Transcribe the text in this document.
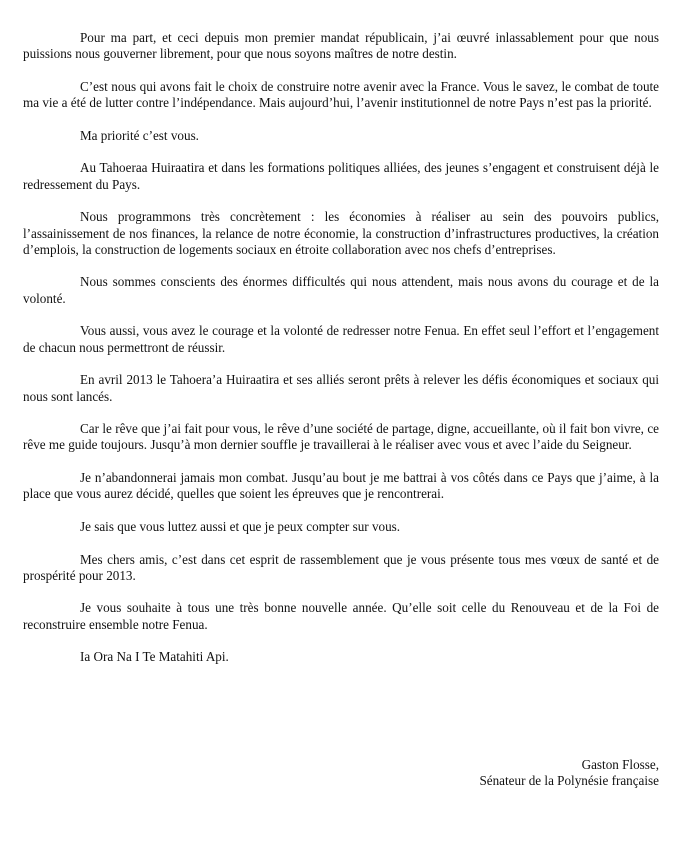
Pour ma part, et ceci depuis mon premier mandat républicain, j’ai œuvré inlassablement pour que nous puissions nous gouverner librement, pour que nous soyons maîtres de notre destin.

C’est nous qui avons fait le choix de construire notre avenir avec la France. Vous le savez, le combat de toute ma vie a été de lutter contre l’indépendance. Mais aujourd’hui, l’avenir institutionnel de notre Pays n’est pas la priorité.

Ma priorité c’est vous.

Au Tahoeraa Huiraatira et dans les formations politiques alliées, des jeunes s’engagent et construisent déjà le redressement du Pays.

Nous programmons très concrètement : les économies à réaliser au sein des pouvoirs publics, l’assainissement de nos finances, la relance de notre économie, la construction d’infrastructures productives, la création d’emplois, la construction de logements sociaux en étroite collaboration avec nos chefs d’entreprises.

Nous sommes conscients des énormes difficultés qui nous attendent, mais nous avons du courage et de la volonté.

Vous aussi, vous avez le courage et la volonté de redresser notre Fenua. En effet seul l’effort et l’engagement de chacun nous permettront de réussir.

En avril 2013 le Tahoera’a Huiraatira et ses alliés seront prêts à relever les défis économiques et sociaux qui nous sont lancés.

Car le rêve que j’ai fait pour vous, le rêve d’une société de partage, digne, accueillante, où il fait bon vivre, ce rêve me guide toujours. Jusqu’à mon dernier souffle je travaillerai à le réaliser avec vous et avec l’aide du Seigneur.

Je n’abandonnerai jamais mon combat. Jusqu’au bout je me battrai à vos côtés dans ce Pays que j’aime, à la place que vous aurez décidé, quelles que soient les épreuves que je rencontrerai.

Je sais que vous luttez aussi et que je peux compter sur vous.

Mes chers amis, c’est dans cet esprit de rassemblement que je vous présente tous mes vœux de santé et de prospérité pour 2013.

Je vous souhaite à tous une très bonne nouvelle année. Qu’elle soit celle du Renouveau et de la Foi de reconstruire ensemble notre Fenua.

Ia Ora Na I Te Matahiti Api.

Gaston Flosse,
Sénateur de la Polynésie française
